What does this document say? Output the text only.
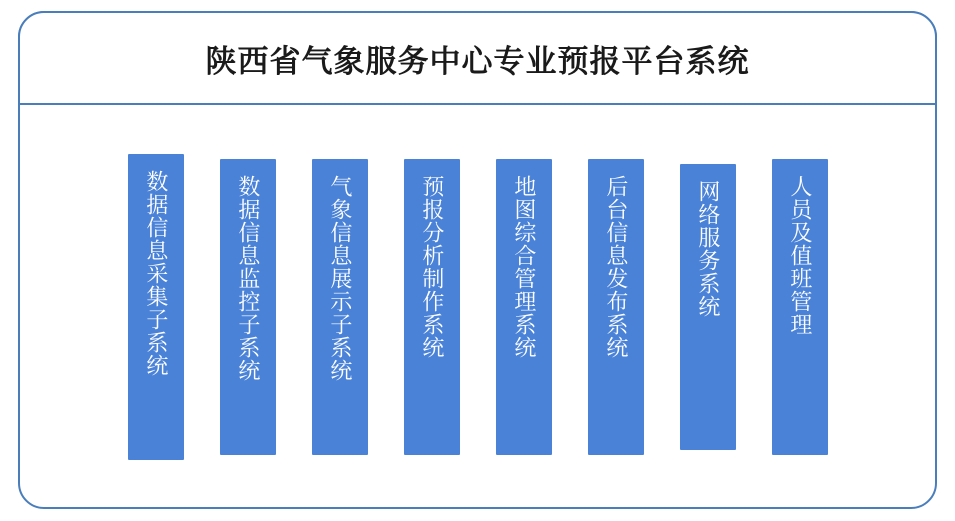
陕西省气象服务中心专业预报平台系统
数据信息采集子系统	数据信息监控子系统	气象信息展示子系统	预报分析制作系统	地图综合管理系统	后台信息发布系统	网络服务系统	人员及值班管理
